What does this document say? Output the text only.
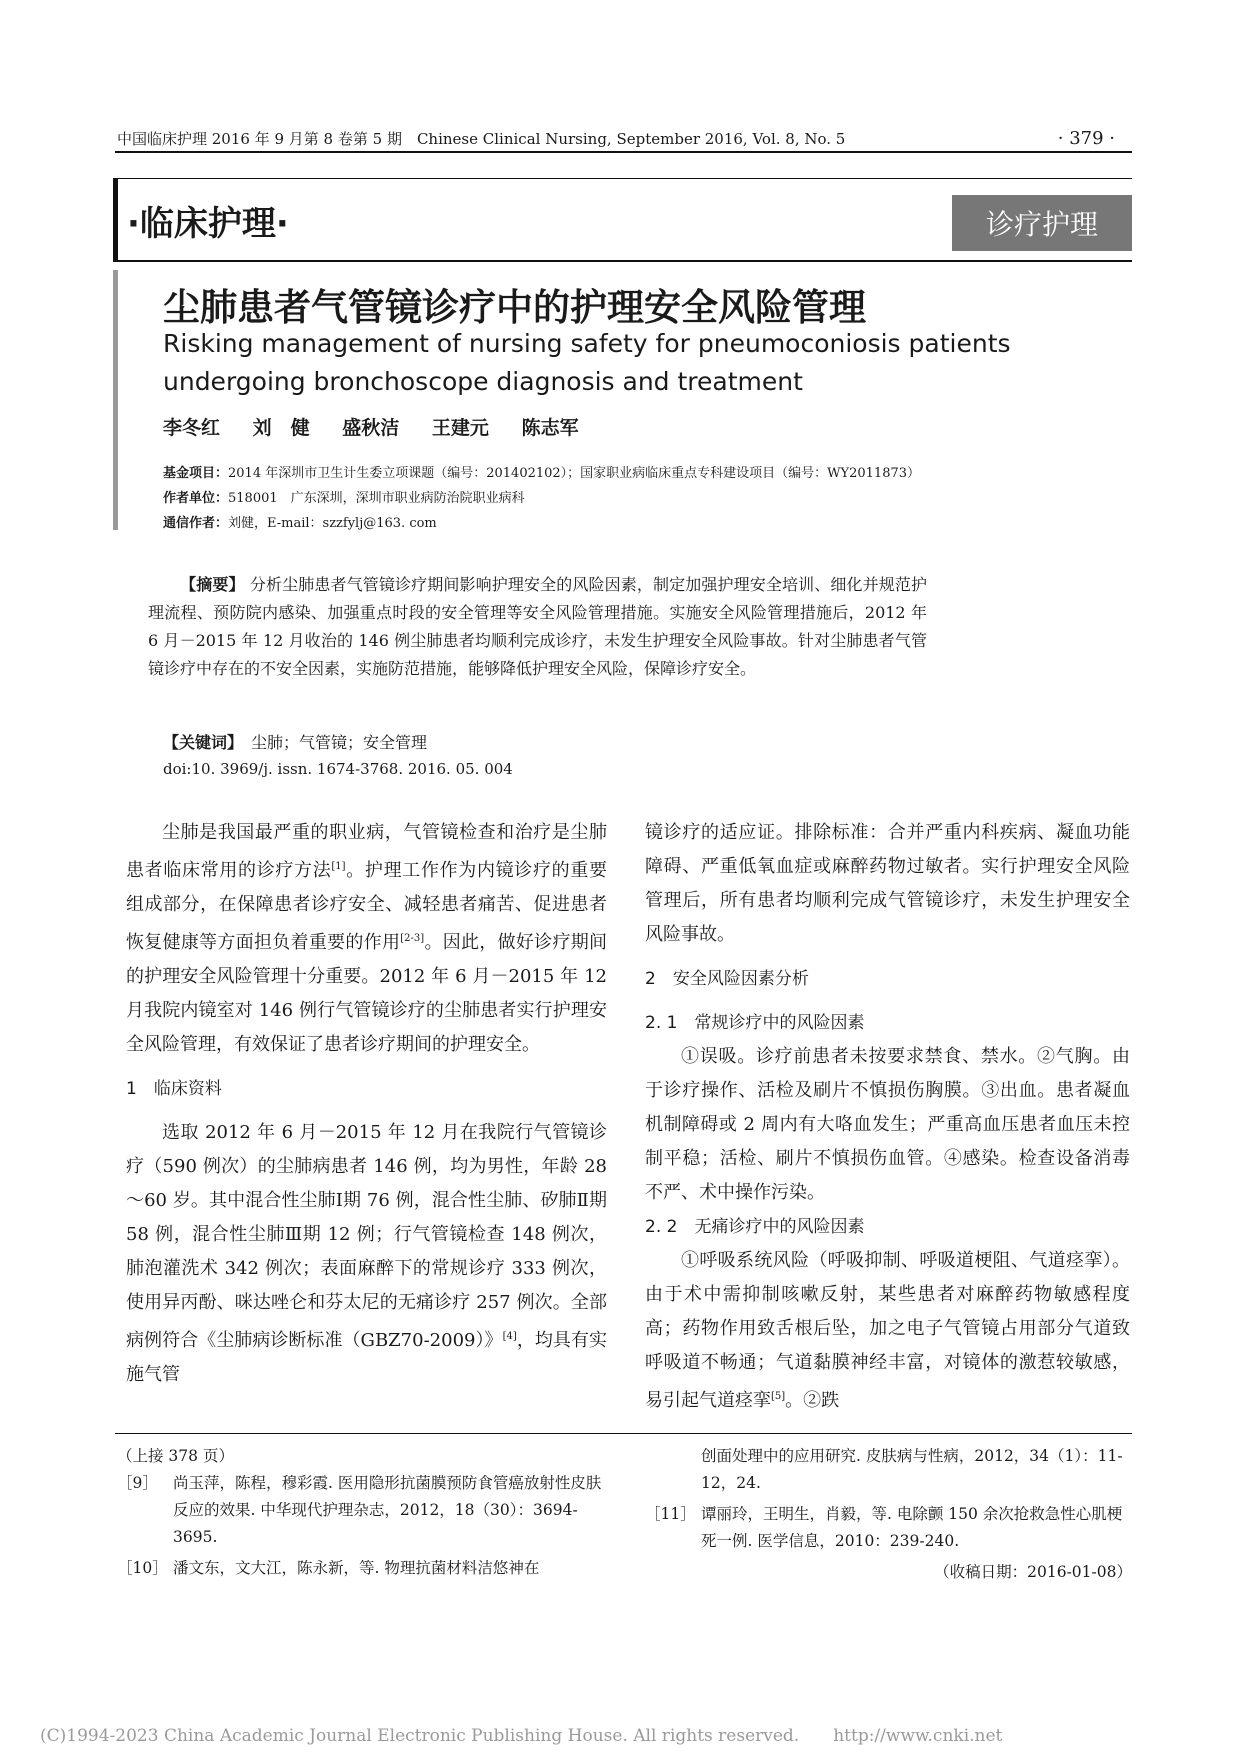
中国临床护理 2016 年 9 月第 8 卷第 5 期　Chinese Clinical Nursing, September 2016, Vol. 8, No. 5	· 379 ·
·临床护理·	诊疗护理
尘肺患者气管镜诊疗中的护理安全风险管理
Risking management of nursing safety for pneumoconiosis patients
undergoing bronchoscope diagnosis and treatment
李冬红 刘　健 盛秋洁 王建元 陈志军
基金项目：2014 年深圳市卫生计生委立项课题（编号：201402102）；国家职业病临床重点专科建设项目（编号：WY2011873）
作者单位：518001　广东深圳，深圳市职业病防治院职业病科
通信作者：刘健，E-mail：szzfylj@163. com
【摘要】 分析尘肺患者气管镜诊疗期间影响护理安全的风险因素，制定加强护理安全培训、细化并规范护理流程、预防院内感染、加强重点时段的安全管理等安全风险管理措施。实施安全风险管理措施后，2012 年 6 月－2015 年 12 月收治的 146 例尘肺患者均顺利完成诊疗，未发生护理安全风险事故。针对尘肺患者气管镜诊疗中存在的不安全因素，实施防范措施，能够降低护理安全风险，保障诊疗安全。
【关键词】　 尘肺；气管镜；安全管理
doi:10. 3969/j. issn. 1674-3768. 2016. 05. 004

尘肺是我国最严重的职业病，气管镜检查和治疗是尘肺患者临床常用的诊疗方法[1]。护理工作作为内镜诊疗的重要组成部分，在保障患者诊疗安全、减轻患者痛苦、促进患者恢复健康等方面担负着重要的作用[2-3]。因此，做好诊疗期间的护理安全风险管理十分重要。2012 年 6 月－2015 年 12 月我院内镜室对 146 例行气管镜诊疗的尘肺患者实行护理安全风险管理，有效保证了患者诊疗期间的护理安全。

1　临床资料

选取 2012 年 6 月－2015 年 12 月在我院行气管镜诊疗（590 例次）的尘肺病患者 146 例，均为男性，年龄 28～60 岁。其中混合性尘肺Ⅰ期 76 例，混合性尘肺、矽肺Ⅱ期 58 例，混合性尘肺Ⅲ期 12 例；行气管镜检查 148 例次，肺泡灌洗术 342 例次；表面麻醉下的常规诊疗 333 例次，使用异丙酚、咪达唑仑和芬太尼的无痛诊疗 257 例次。全部病例符合《尘肺病诊断标准（GBZ70-2009）》[4]，均具有实施气管

镜诊疗的适应证。排除标准：合并严重内科疾病、凝血功能障碍、严重低氧血症或麻醉药物过敏者。实行护理安全风险管理后，所有患者均顺利完成气管镜诊疗，未发生护理安全风险事故。

2　安全风险因素分析

2. 1　常规诊疗中的风险因素

①误吸。诊疗前患者未按要求禁食、禁水。②气胸。由于诊疗操作、活检及刷片不慎损伤胸膜。③出血。患者凝血机制障碍或 2 周内有大咯血发生；严重高血压患者血压未控制平稳；活检、刷片不慎损伤血管。④感染。检查设备消毒不严、术中操作污染。

2. 2　无痛诊疗中的风险因素

①呼吸系统风险（呼吸抑制、呼吸道梗阻、气道痉挛）。由于术中需抑制咳嗽反射，某些患者对麻醉药物敏感程度高；药物作用致舌根后坠，加之电子气管镜占用部分气道致呼吸道不畅通；气道黏膜神经丰富，对镜体的激惹较敏感，易引起气道痉挛[5]。②跌

（上接 378 页）
［9］ 尚玉萍，陈程，穆彩霞. 医用隐形抗菌膜预防食管癌放射性皮肤反应的效果. 中华现代护理杂志，2012，18（30）：3694-3695.
［10］ 潘文东，文大江，陈永新，等. 物理抗菌材料洁悠神在
创面处理中的应用研究. 皮肤病与性病，2012，34（1）：11-12，24.
［11］ 谭丽玲，王明生，肖毅，等. 电除颤 150 余次抢救急性心肌梗死一例. 医学信息，2010：239-240.
（收稿日期：2016-01-08）
(C)1994-2023 China Academic Journal Electronic Publishing House. All rights reserved.　　http://www.cnki.net
